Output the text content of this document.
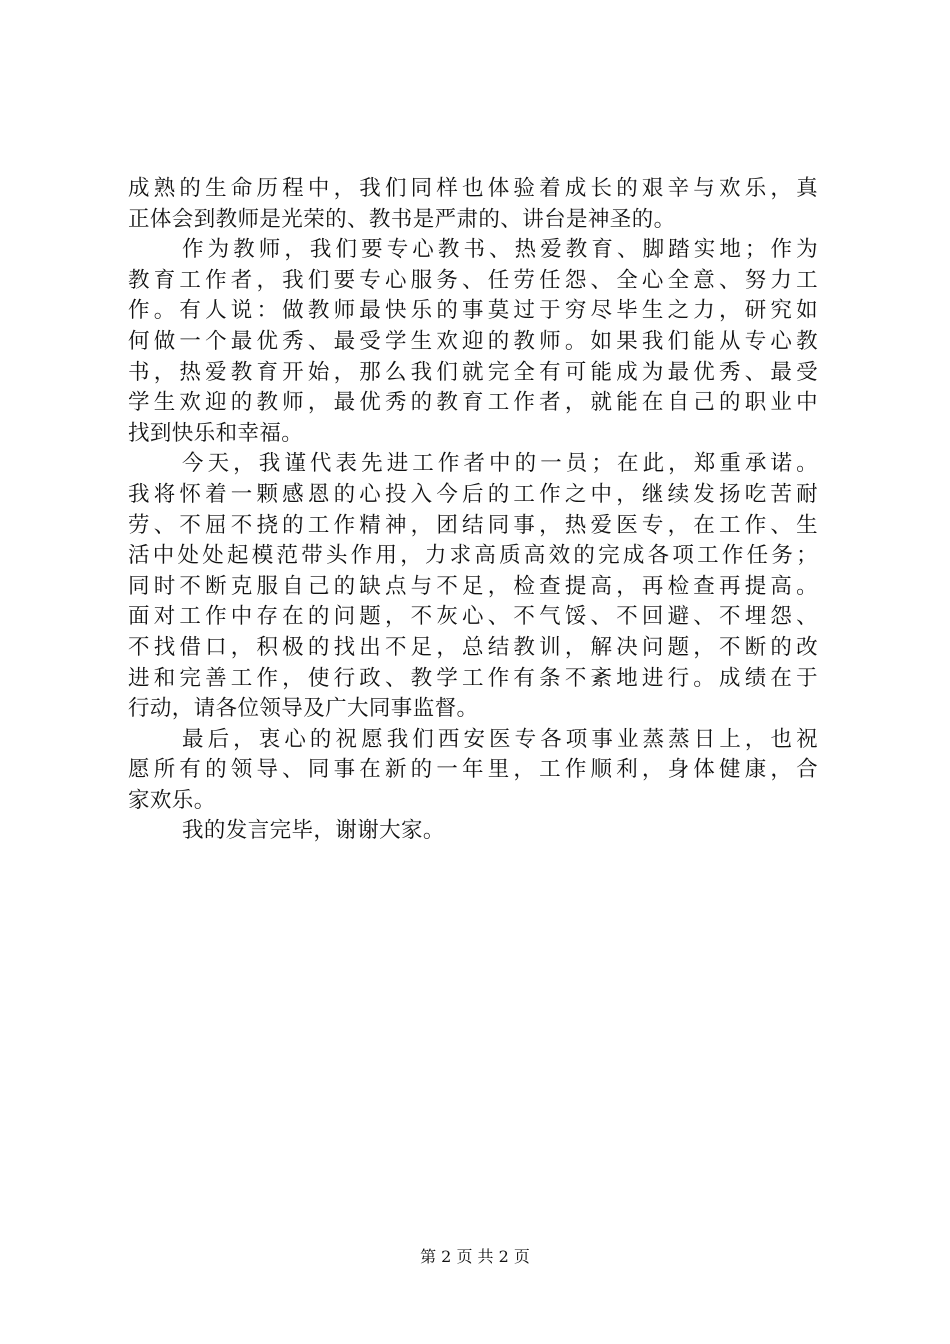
成熟的生命历程中，我们同样也体验着成长的艰辛与欢乐，真
正体会到教师是光荣的、教书是严肃的、讲台是神圣的。
作为教师，我们要专心教书、热爱教育、脚踏实地；作为
教育工作者，我们要专心服务、任劳任怨、全心全意、努力工
作。有人说：做教师最快乐的事莫过于穷尽毕生之力，研究如
何做一个最优秀、最受学生欢迎的教师。如果我们能从专心教
书，热爱教育开始，那么我们就完全有可能成为最优秀、最受
学生欢迎的教师，最优秀的教育工作者，就能在自己的职业中
找到快乐和幸福。
今天，我谨代表先进工作者中的一员；在此，郑重承诺。
我将怀着一颗感恩的心投入今后的工作之中，继续发扬吃苦耐
劳、不屈不挠的工作精神，团结同事，热爱医专，在工作、生
活中处处起模范带头作用，力求高质高效的完成各项工作任务；
同时不断克服自己的缺点与不足，检查提高，再检查再提高。
面对工作中存在的问题，不灰心、不气馁、不回避、不埋怨、
不找借口，积极的找出不足，总结教训，解决问题，不断的改
进和完善工作，使行政、教学工作有条不紊地进行。成绩在于
行动，请各位领导及广大同事监督。
最后，衷心的祝愿我们西安医专各项事业蒸蒸日上，也祝
愿所有的领导、同事在新的一年里，工作顺利，身体健康，合
家欢乐。
我的发言完毕，谢谢大家。
第 2 页 共 2 页
